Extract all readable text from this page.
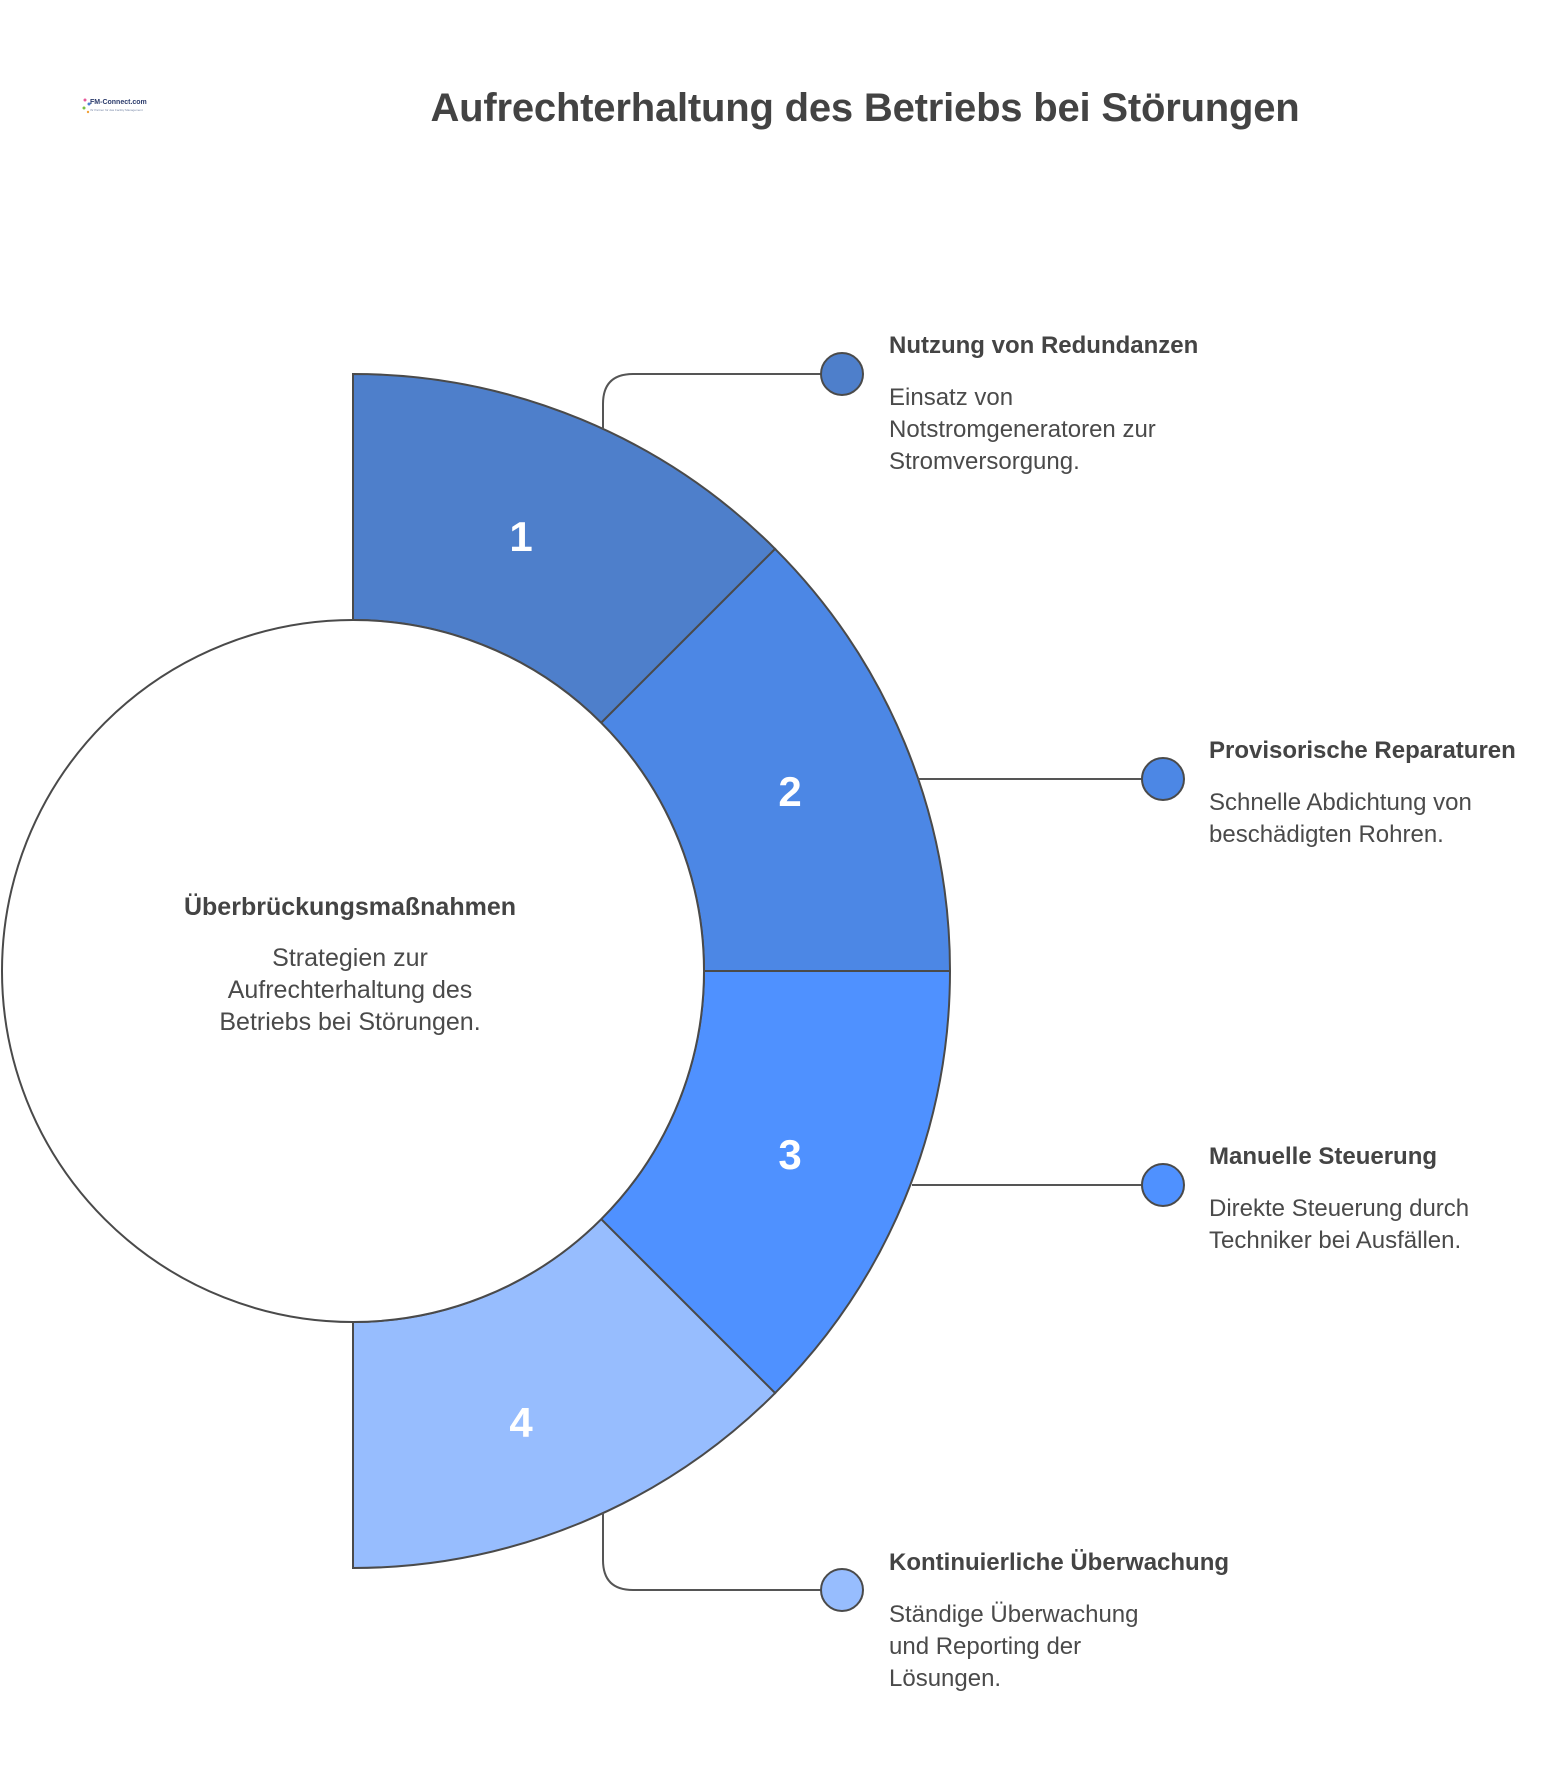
FM-Connect.com
Ihr Partner für das Facility Management	Aufrechterhaltung des Betriebs bei Störungen
1
2
3
4
Überbrückungsmaßnahmen
Strategien zur
Aufrechterhaltung des
Betriebs bei Störungen.
Nutzung von Redundanzen
Einsatz von
Notstromgeneratoren zur
Stromversorgung.
Provisorische Reparaturen
Schnelle Abdichtung von
beschädigten Rohren.
Manuelle Steuerung
Direkte Steuerung durch
Techniker bei Ausfällen.
Kontinuierliche Überwachung
Ständige Überwachung
und Reporting der
Lösungen.
